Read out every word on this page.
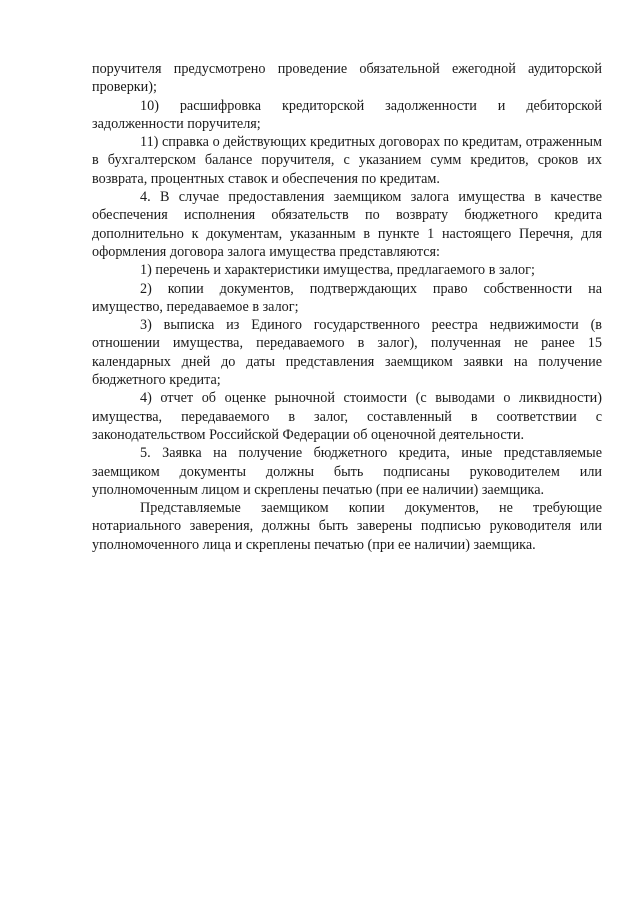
поручителя предусмотрено проведение обязательной ежегодной аудиторской проверки);

10) расшифровка кредиторской задолженности и дебиторской задолженности поручителя;

11) справка о действующих кредитных договорах по кредитам, отраженным в бухгалтерском балансе поручителя, с указанием сумм кредитов, сроков их возврата, процентных ставок и обеспечения по кредитам.

4. В случае предоставления заемщиком залога имущества в качестве обеспечения исполнения обязательств по возврату бюджетного кредита дополнительно к документам, указанным в пункте 1 настоящего Перечня, для оформления договора залога имущества представляются:

1) перечень и характеристики имущества, предлагаемого в залог;

2) копии документов, подтверждающих право собственности на имущество, передаваемое в залог;

3) выписка из Единого государственного реестра недвижимости (в отношении имущества, передаваемого в залог), полученная не ранее 15 календарных дней до даты представления заемщиком заявки на получение бюджетного кредита;

4) отчет об оценке рыночной стоимости (с выводами о ликвидности) имущества, передаваемого в залог, составленный в соответствии с законодательством Российской Федерации об оценочной деятельности.

5. Заявка на получение бюджетного кредита, иные представляемые заемщиком документы должны быть подписаны руководителем или уполномоченным лицом и скреплены печатью (при ее наличии) заемщика.

Представляемые заемщиком копии документов, не требующие нотариального заверения, должны быть заверены подписью руководителя или уполномоченного лица и скреплены печатью (при ее наличии) заемщика.
